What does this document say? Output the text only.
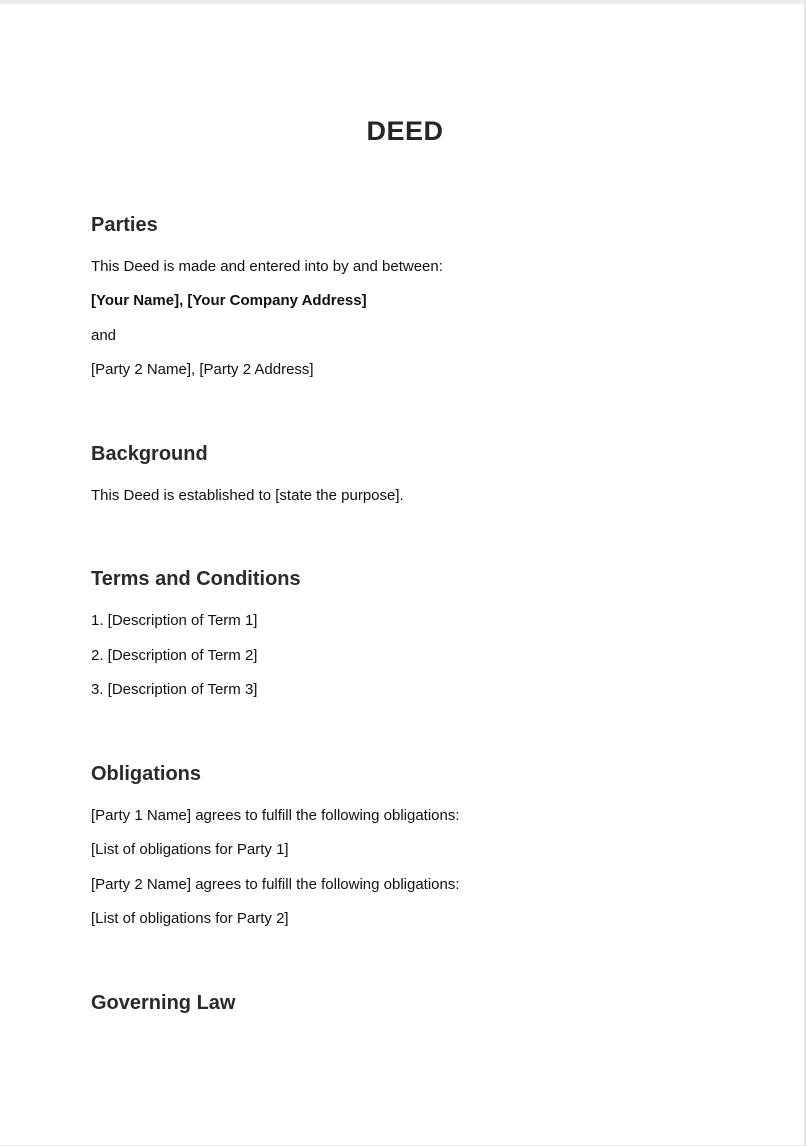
DEED
Parties

This Deed is made and entered into by and between:

[Your Name], [Your Company Address]

and

[Party 2 Name], [Party 2 Address]

Background

This Deed is established to [state the purpose].

Terms and Conditions

1. [Description of Term 1]

2. [Description of Term 2]

3. [Description of Term 3]

Obligations

[Party 1 Name] agrees to fulfill the following obligations:

[List of obligations for Party 1]

[Party 2 Name] agrees to fulfill the following obligations:

[List of obligations for Party 2]

Governing Law
